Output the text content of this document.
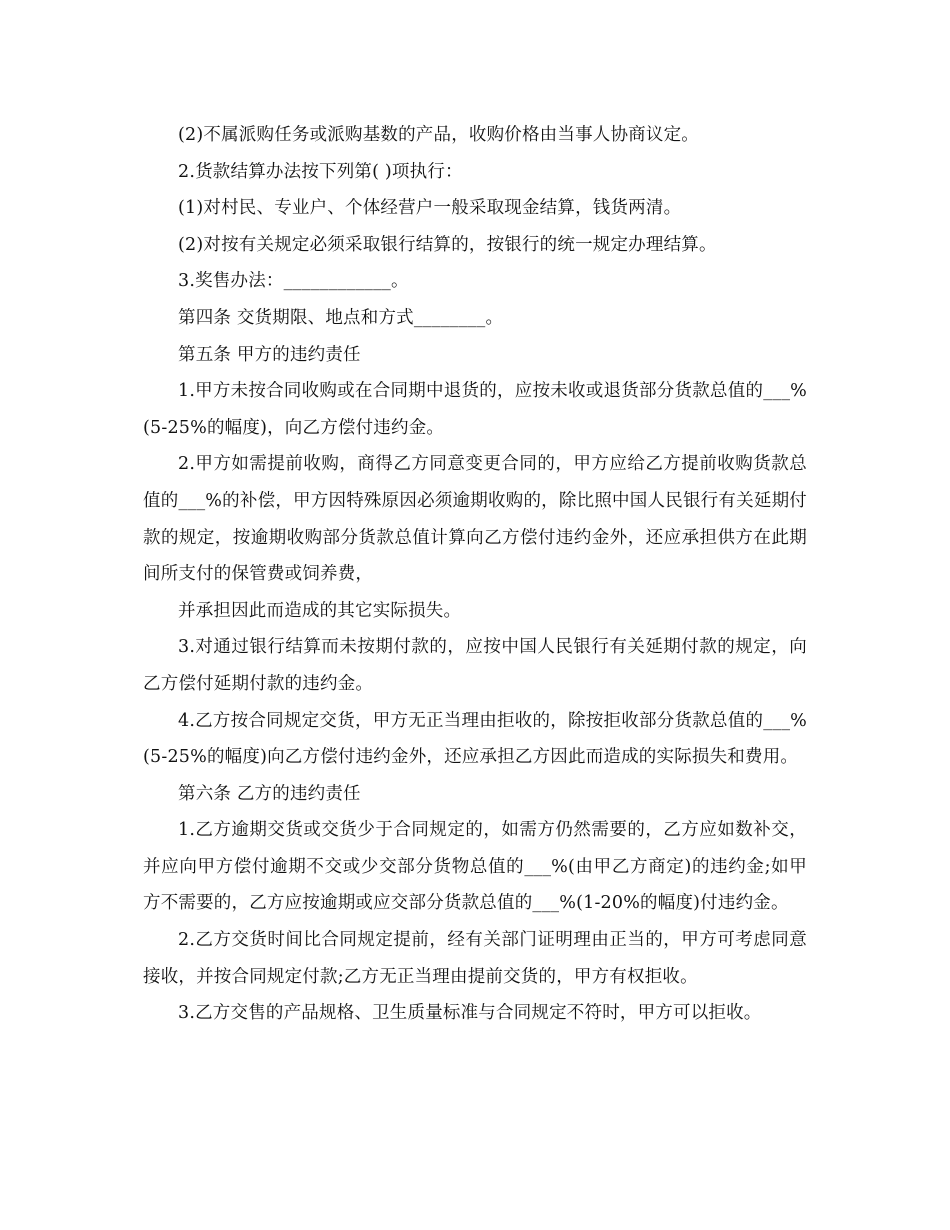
(2)不属派购任务或派购基数的产品，收购价格由当事人协商议定。

2.货款结算办法按下列第( )项执行：

(1)对村民、专业户、个体经营户一般采取现金结算，钱货两清。

(2)对按有关规定必须采取银行结算的，按银行的统一规定办理结算。

3.奖售办法：____________。

第四条 交货期限、地点和方式________。

第五条 甲方的违约责任

1.甲方未按合同收购或在合同期中退货的，应按未收或退货部分货款总值的___%(5-25%的幅度)，向乙方偿付违约金。

2.甲方如需提前收购，商得乙方同意变更合同的，甲方应给乙方提前收购货款总值的___%的补偿，甲方因特殊原因必须逾期收购的，除比照中国人民银行有关延期付款的规定，按逾期收购部分货款总值计算向乙方偿付违约金外，还应承担供方在此期间所支付的保管费或饲养费，

并承担因此而造成的其它实际损失。

3.对通过银行结算而未按期付款的，应按中国人民银行有关延期付款的规定，向乙方偿付延期付款的违约金。

4.乙方按合同规定交货，甲方无正当理由拒收的，除按拒收部分货款总值的___%(5-25%的幅度)向乙方偿付违约金外，还应承担乙方因此而造成的实际损失和费用。

第六条 乙方的违约责任

1.乙方逾期交货或交货少于合同规定的，如需方仍然需要的，乙方应如数补交，并应向甲方偿付逾期不交或少交部分货物总值的___%(由甲乙方商定)的违约金;如甲方不需要的，乙方应按逾期或应交部分货款总值的___%(1-20%的幅度)付违约金。

2.乙方交货时间比合同规定提前，经有关部门证明理由正当的，甲方可考虑同意接收，并按合同规定付款;乙方无正当理由提前交货的，甲方有权拒收。

3.乙方交售的产品规格、卫生质量标准与合同规定不符时，甲方可以拒收。
